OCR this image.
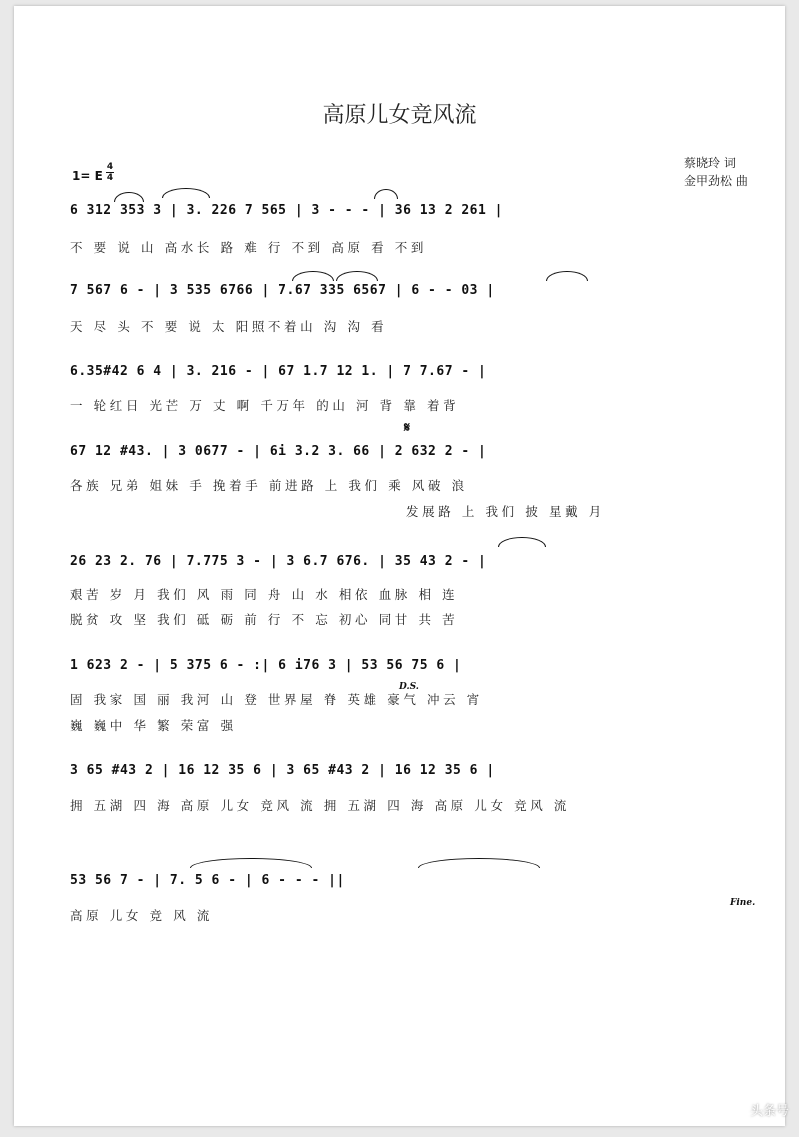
高原儿女竞风流
蔡晓玲 词
金甲劲松 曲
1= E
4
4
6 312 353 3 | 3. 226 7 565 | 3 - - - | 36 13 2 261 |
不 要 说 山 高水长 路 难 行 不到 高原 看 不到
7 567 6 - | 3 535 6766 | 7.67 335 6567 | 6 - - 03 |
天 尽 头 不 要 说 太 阳照不着山 沟 沟 看
6.35#42 6 4 | 3. 216 - | 67 1.7 12 1. | 7 7.67 - |
一 轮红日 光芒 万 丈 啊 千万年 的山 河 背 靠 着背
𝄋
67 12 #43. | 3 0677 - | 6i 3.2 3. 66 | 2 632 2 - |
各族 兄弟 姐妹 手 挽着手 前进路 上 我们 乘 风破 浪
发展路 上 我们 披 星戴 月
26 23 2. 76 | 7.775 3 - | 3 6.7 676. | 35 43 2 - |
艰苦 岁 月 我们 风 雨 同 舟 山 水 相依 血脉 相 连
脱贫 攻 坚 我们 砥 砺 前 行 不 忘 初心 同甘 共 苦
1 623 2 - | 5 375 6 - :| 6 i76 3 | 53 56 75 6 |
D.S.
固 我家 国 丽 我河 山 登 世界屋 脊 英雄 豪气 冲云 宵
巍 巍中 华 繁 荣富 强
3 65 #43 2 | 16 12 35 6 | 3 65 #43 2 | 16 12 35 6 |
拥 五湖 四 海 高原 儿女 竞风 流 拥 五湖 四 海 高原 儿女 竞风 流
53 56 7 - | 7. 5 6 - | 6 - - - ||
高原 儿女 竞 风 流
Fine.
头条号
